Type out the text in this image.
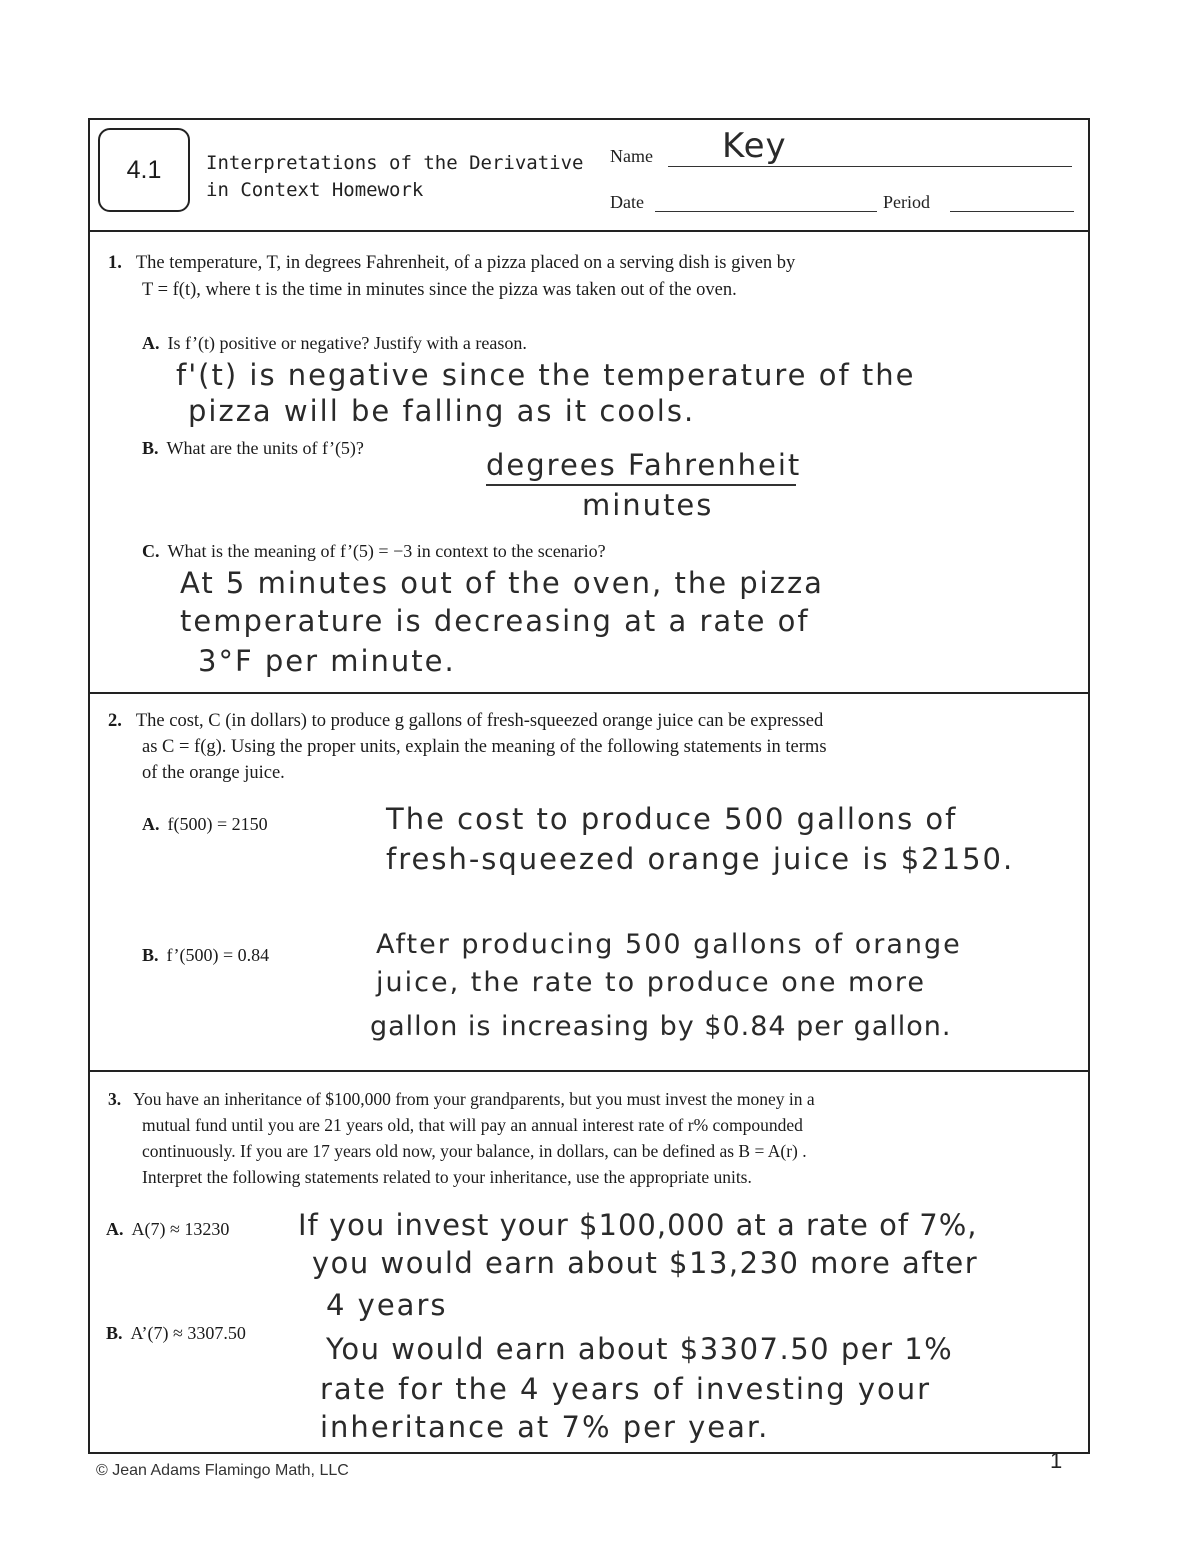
4.1 Interpretations of the Derivative
in Context Homework
Name Key
Date	Period
1. The temperature, T, in degrees Fahrenheit, of a pizza placed on a serving dish is given by
T = f(t), where t is the time in minutes since the pizza was taken out of the oven.
A. Is f’(t) positive or negative? Justify with a reason.
f'(t) is negative since the temperature of the
pizza will be falling as it cools.
B. What are the units of f’(5)?	degrees Fahrenheit
minutes
C. What is the meaning of f’(5) = −3 in context to the scenario?
At 5 minutes out of the oven, the pizza
temperature is decreasing at a rate of
3°F per minute.
2. The cost, C (in dollars) to produce g gallons of fresh-squeezed orange juice can be expressed
as C = f(g). Using the proper units, explain the meaning of the following statements in terms
of the orange juice.
A. f(500) = 2150	The cost to produce 500 gallons of
fresh-squeezed orange juice is $2150.
B. f’(500) = 0.84	After producing 500 gallons of orange
juice, the rate to produce one more
gallon is increasing by $0.84 per gallon.
3. You have an inheritance of $100,000 from your grandparents, but you must invest the money in a
mutual fund until you are 21 years old, that will pay an annual interest rate of r% compounded
continuously. If you are 17 years old now, your balance, in dollars, can be defined as B = A(r) .
Interpret the following statements related to your inheritance, use the appropriate units.
A. A(7) ≈ 13230 If you invest your $100,000 at a rate of 7%,
you would earn about $13,230 more after
4 years
B. A’(7) ≈ 3307.50	You would earn about $3307.50 per 1%
rate for the 4 years of investing your
inheritance at 7% per year.
© Jean Adams Flamingo Math, LLC	1
